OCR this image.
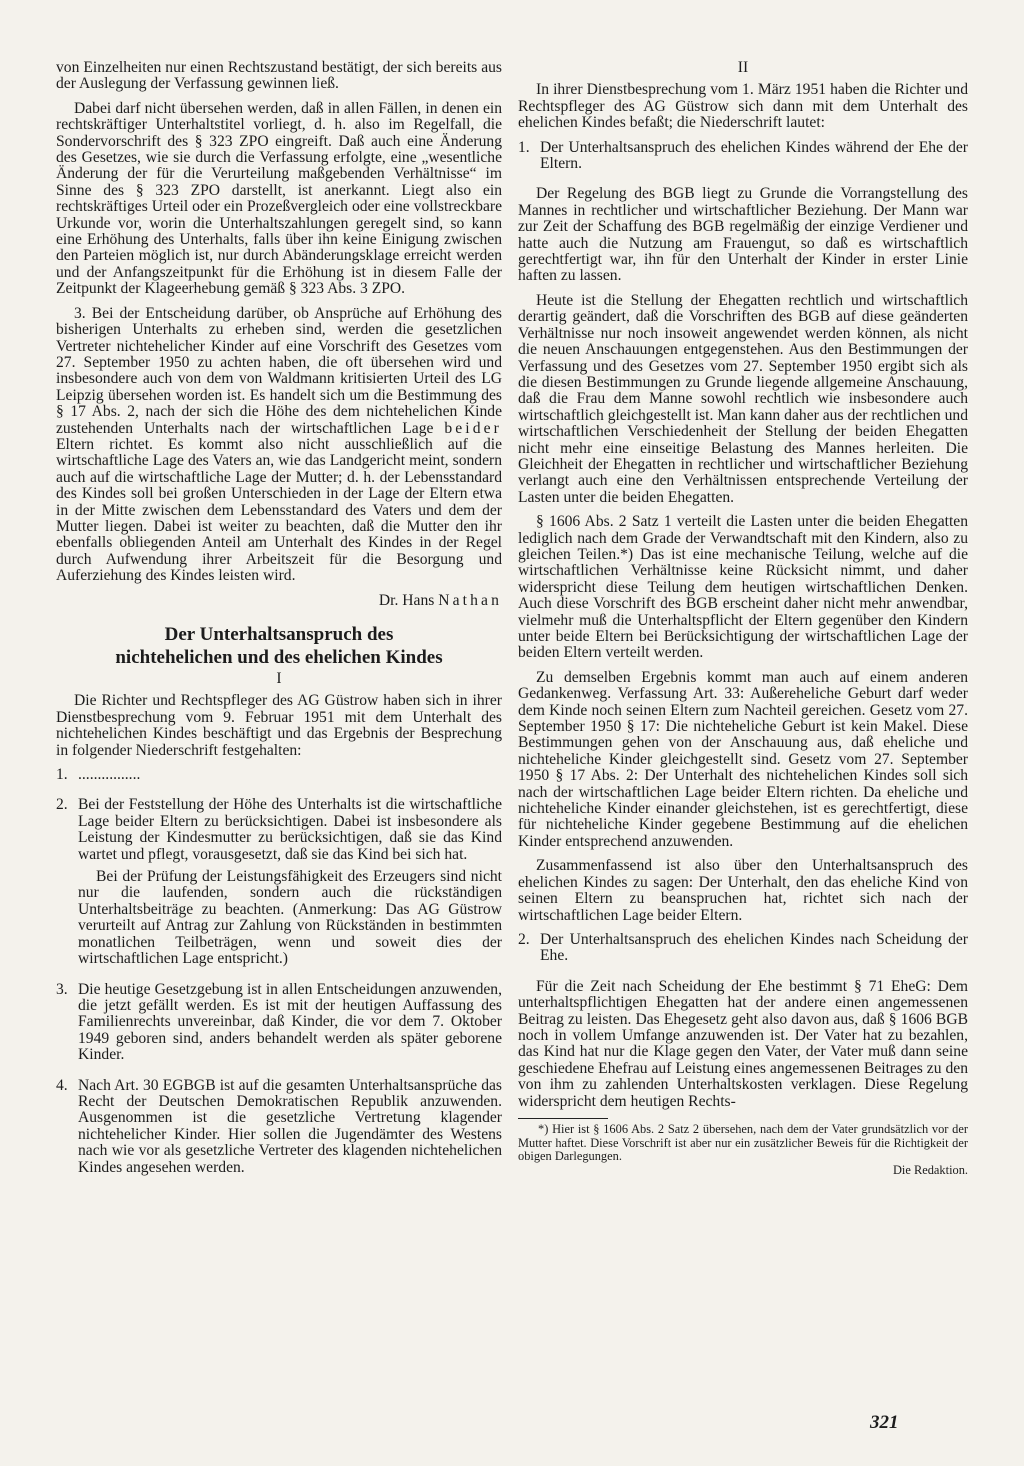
von Einzelheiten nur einen Rechtszustand bestätigt, der sich bereits aus der Auslegung der Verfassung gewinnen ließ.

Dabei darf nicht übersehen werden, daß in allen Fällen, in denen ein rechtskräftiger Unterhaltstitel vorliegt, d. h. also im Regelfall, die Sondervorschrift des § 323 ZPO eingreift. Daß auch eine Änderung des Gesetzes, wie sie durch die Verfassung erfolgte, eine „wesentliche Änderung der für die Verurteilung maßgebenden Verhältnisse“ im Sinne des § 323 ZPO darstellt, ist anerkannt. Liegt also ein rechtskräftiges Urteil oder ein Prozeßvergleich oder eine vollstreckbare Urkunde vor, worin die Unterhaltszahlungen geregelt sind, so kann eine Erhöhung des Unterhalts, falls über ihn keine Einigung zwischen den Parteien möglich ist, nur durch Abänderungsklage erreicht werden und der Anfangszeitpunkt für die Erhöhung ist in diesem Falle der Zeitpunkt der Klageerhebung gemäß § 323 Abs. 3 ZPO.

3. Bei der Entscheidung darüber, ob Ansprüche auf Erhöhung des bisherigen Unterhalts zu erheben sind, werden die gesetzlichen Vertreter nichtehelicher Kinder auf eine Vorschrift des Gesetzes vom 27. September 1950 zu achten haben, die oft übersehen wird und insbesondere auch von dem von Waldmann kritisierten Urteil des LG Leipzig übersehen worden ist. Es handelt sich um die Bestimmung des § 17 Abs. 2, nach der sich die Höhe des dem nichtehelichen Kinde zustehenden Unterhalts nach der wirtschaftlichen Lage beider Eltern richtet. Es kommt also nicht ausschließlich auf die wirtschaftliche Lage des Vaters an, wie das Landgericht meint, sondern auch auf die wirtschaftliche Lage der Mutter; d. h. der Lebensstandard des Kindes soll bei großen Unterschieden in der Lage der Eltern etwa in der Mitte zwischen dem Lebensstandard des Vaters und dem der Mutter liegen. Dabei ist weiter zu beachten, daß die Mutter den ihr ebenfalls obliegenden Anteil am Unterhalt des Kindes in der Regel durch Aufwendung ihrer Arbeitszeit für die Besorgung und Auferziehung des Kindes leisten wird.

Dr. Hans Nathan

Der Unterhaltsanspruch des
nichtehelichen und des ehelichen Kindes
I

Die Richter und Rechtspfleger des AG Güstrow haben sich in ihrer Dienstbesprechung vom 9. Februar 1951 mit dem Unterhalt des nichtehelichen Kindes beschäftigt und das Ergebnis der Besprechung in folgender Niederschrift festgehalten:

1. ................

2. Bei der Feststellung der Höhe des Unterhalts ist die wirtschaftliche Lage beider Eltern zu berücksichtigen. Dabei ist insbesondere als Leistung der Kindesmutter zu berücksichtigen, daß sie das Kind wartet und pflegt, vorausgesetzt, daß sie das Kind bei sich hat.

Bei der Prüfung der Leistungsfähigkeit des Erzeugers sind nicht nur die laufenden, sondern auch die rückständigen Unterhaltsbeiträge zu beachten. (Anmerkung: Das AG Güstrow verurteilt auf Antrag zur Zahlung von Rückständen in bestimmten monatlichen Teilbeträgen, wenn und soweit dies der wirtschaftlichen Lage entspricht.)

3. Die heutige Gesetzgebung ist in allen Entscheidungen anzuwenden, die jetzt gefällt werden. Es ist mit der heutigen Auffassung des Familienrechts unvereinbar, daß Kinder, die vor dem 7. Oktober 1949 geboren sind, anders behandelt werden als später geborene Kinder.

4. Nach Art. 30 EGBGB ist auf die gesamten Unterhaltsansprüche das Recht der Deutschen Demokratischen Republik anzuwenden. Ausgenommen ist die gesetzliche Vertretung klagender nichtehelicher Kinder. Hier sollen die Jugendämter des Westens nach wie vor als gesetzliche Vertreter des klagenden nichtehelichen Kindes angesehen werden.

II

In ihrer Dienstbesprechung vom 1. März 1951 haben die Richter und Rechtspfleger des AG Güstrow sich dann mit dem Unterhalt des ehelichen Kindes befaßt; die Niederschrift lautet:

1. Der Unterhaltsanspruch des ehelichen Kindes während der Ehe der Eltern.

Der Regelung des BGB liegt zu Grunde die Vorrangstellung des Mannes in rechtlicher und wirtschaftlicher Beziehung. Der Mann war zur Zeit der Schaffung des BGB regelmäßig der einzige Verdiener und hatte auch die Nutzung am Frauengut, so daß es wirtschaftlich gerechtfertigt war, ihn für den Unterhalt der Kinder in erster Linie haften zu lassen.

Heute ist die Stellung der Ehegatten rechtlich und wirtschaftlich derartig geändert, daß die Vorschriften des BGB auf diese geänderten Verhältnisse nur noch insoweit angewendet werden können, als nicht die neuen Anschauungen entgegenstehen. Aus den Bestimmungen der Verfassung und des Gesetzes vom 27. September 1950 ergibt sich als die diesen Bestimmungen zu Grunde liegende allgemeine Anschauung, daß die Frau dem Manne sowohl rechtlich wie insbesondere auch wirtschaftlich gleichgestellt ist. Man kann daher aus der rechtlichen und wirtschaftlichen Verschiedenheit der Stellung der beiden Ehegatten nicht mehr eine einseitige Belastung des Mannes herleiten. Die Gleichheit der Ehegatten in rechtlicher und wirtschaftlicher Beziehung verlangt auch eine den Verhältnissen entsprechende Verteilung der Lasten unter die beiden Ehegatten.

§ 1606 Abs. 2 Satz 1 verteilt die Lasten unter die beiden Ehegatten lediglich nach dem Grade der Verwandtschaft mit den Kindern, also zu gleichen Teilen.*) Das ist eine mechanische Teilung, welche auf die wirtschaftlichen Verhältnisse keine Rücksicht nimmt, und daher widerspricht diese Teilung dem heutigen wirtschaftlichen Denken. Auch diese Vorschrift des BGB erscheint daher nicht mehr anwendbar, vielmehr muß die Unterhaltspflicht der Eltern gegenüber den Kindern unter beide Eltern bei Berücksichtigung der wirtschaftlichen Lage der beiden Eltern verteilt werden.

Zu demselben Ergebnis kommt man auch auf einem anderen Gedankenweg. Verfassung Art. 33: Außereheliche Geburt darf weder dem Kinde noch seinen Eltern zum Nachteil gereichen. Gesetz vom 27. September 1950 § 17: Die nichteheliche Geburt ist kein Makel. Diese Bestimmungen gehen von der Anschauung aus, daß eheliche und nichteheliche Kinder gleichgestellt sind. Gesetz vom 27. September 1950 § 17 Abs. 2: Der Unterhalt des nichtehelichen Kindes soll sich nach der wirtschaftlichen Lage beider Eltern richten. Da eheliche und nichteheliche Kinder einander gleichstehen, ist es gerechtfertigt, diese für nichteheliche Kinder gegebene Bestimmung auf die ehelichen Kinder entsprechend anzuwenden.

Zusammenfassend ist also über den Unterhaltsanspruch des ehelichen Kindes zu sagen: Der Unterhalt, den das eheliche Kind von seinen Eltern zu beanspruchen hat, richtet sich nach der wirtschaftlichen Lage beider Eltern.

2. Der Unterhaltsanspruch des ehelichen Kindes nach Scheidung der Ehe.

Für die Zeit nach Scheidung der Ehe bestimmt § 71 EheG: Dem unterhaltspflichtigen Ehegatten hat der andere einen angemessenen Beitrag zu leisten. Das Ehegesetz geht also davon aus, daß § 1606 BGB noch in vollem Umfange anzuwenden ist. Der Vater hat zu bezahlen, das Kind hat nur die Klage gegen den Vater, der Vater muß dann seine geschiedene Ehefrau auf Leistung eines angemessenen Beitrages zu den von ihm zu zahlenden Unterhaltskosten verklagen. Diese Regelung widerspricht dem heutigen Rechts-

*) Hier ist § 1606 Abs. 2 Satz 2 übersehen, nach dem der Vater grundsätzlich vor der Mutter haftet. Diese Vorschrift ist aber nur ein zusätzlicher Beweis für die Richtigkeit der obigen Darlegungen.
Die Redaktion.

321
